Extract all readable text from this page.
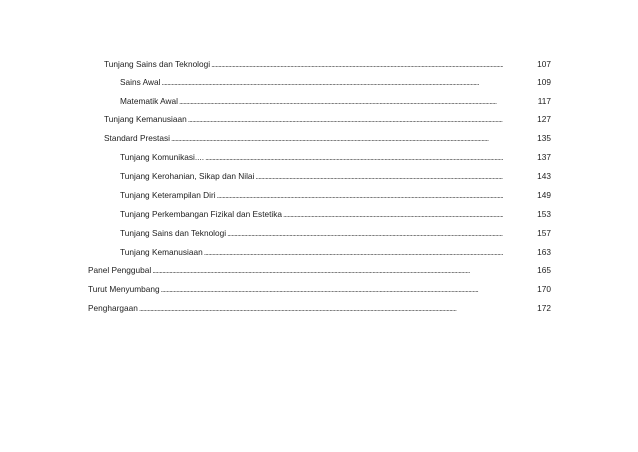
Tunjang Sains dan Teknologi . . .	107
Sains Awal . . .	109
Matematik Awal . . .	117
Tunjang Kemanusiaan . . .	127
Standard Prestasi . . .	135
Tunjang Komunikasi.... . . .	137
Tunjang Kerohanian, Sikap dan Nilai . . .	143
Tunjang Keterampilan Diri . . .	149
Tunjang Perkembangan Fizikal dan Estetika . . .	153
Tunjang Sains dan Teknologi . . .	157
Tunjang Kemanusiaan . . .	163
Panel Penggubal . . .	165
Turut Menyumbang . . .	170
Penghargaan . . .	172
